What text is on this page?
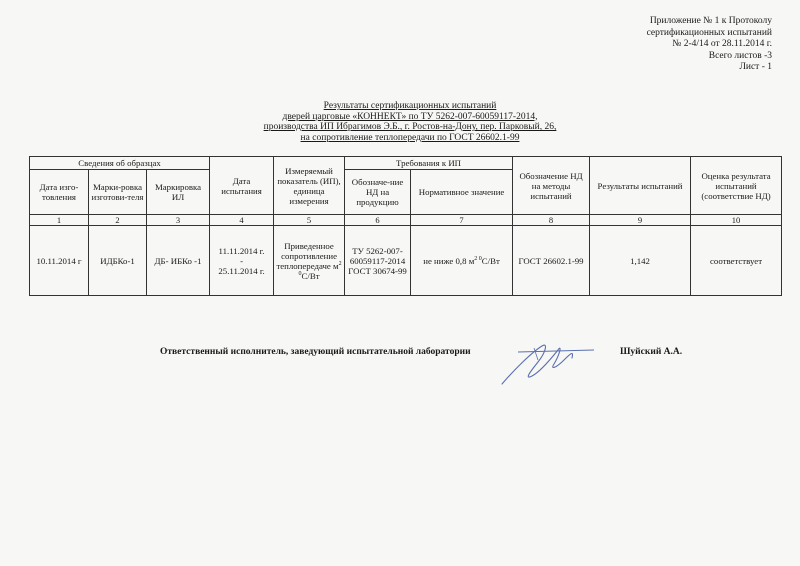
Приложение № 1 к Протоколу
сертификационных испытаний
№ 2-4/14 от 28.11.2014 г.
Всего листов -3
Лист - 1
Результаты сертификационных испытаний
дверей царговые «КОННЕКТ» по ТУ 5262-007-60059117-2014,
производства ИП Ибрагимов Э.Б., г. Ростов-на-Дону, пер. Парковый, 26,
на сопротивление теплопередачи по ГОСТ 26602.1-99
Сведения об образцах			Дата испытания	Измеряемый показатель (ИП), единица измерения	Требования к ИП		Обозначение НД на методы испытаний	Результаты испытаний	Оценка результата испытаний (соответствие НД)
Дата изго-товления	Марки-ровка изготови-теля	Маркировка ИЛ			Обозначе-ние НД на продукцию	Нормативное значение			
1	2	3	4	5	6	7	8	9	10
10.11.2014 г	ИДБКо-1	ДБ- ИБКо -1	11.11.2014 г.
-
25.11.2014 г.	Приведенное сопротивление теплопередаче $м^{2 0}С/Вт$	ТУ 5262-007-60059117-2014 ГОСТ 30674-99	не ниже 0,8 $м^{2 0}С/Вт$	ГОСТ 26602.1-99	1,142	соответствует
Ответственный исполнитель, заведующий испытательной лаборатории	Шуйский А.А.
